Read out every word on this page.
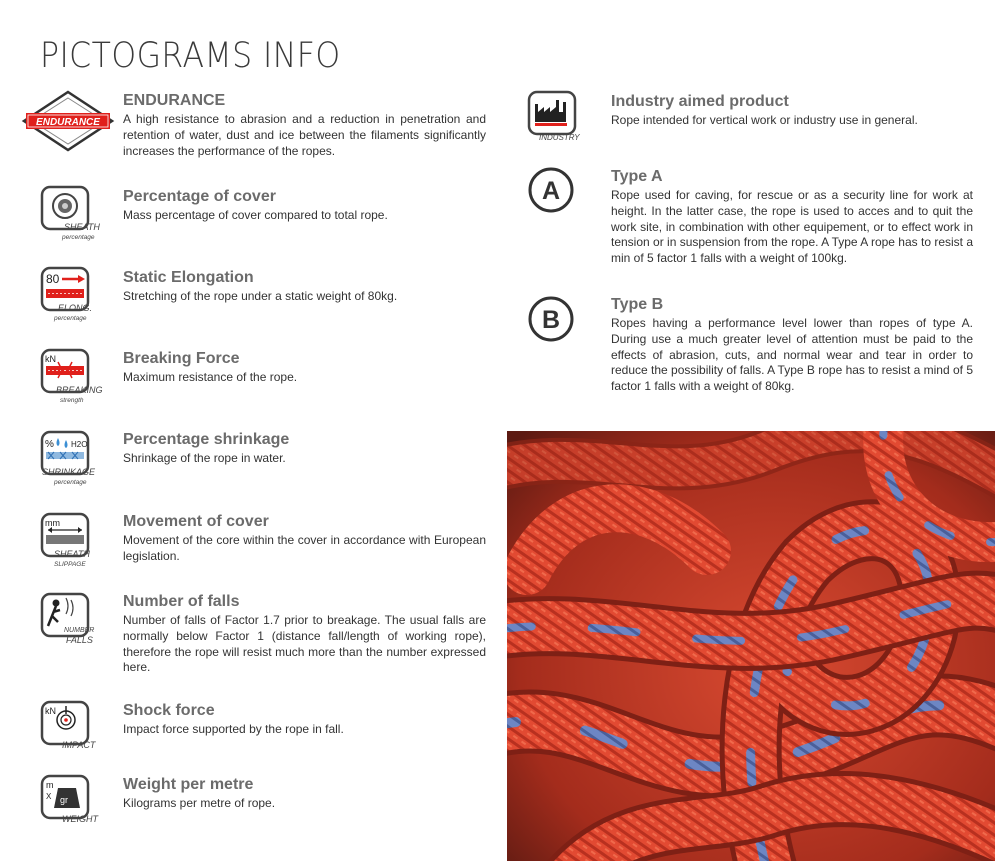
PICTOGRAMS INFO
ENDURANCE
ENDURANCE
A high resistance to abrasion and a reduction in penetration and retention of water, dust and ice between the filaments significantly increases the performance of the ropes.
SHEATH
percentage
Percentage of cover
Mass percentage of cover compared to total rope.
80
ELONG.
percentage
Static Elongation
Stretching of the rope under a static weight of 80kg.
kN
BREAKING
strength
Breaking Force
Maximum resistance of the rope.
% H2O
SHRINKAGE
percentage
Percentage shrinkage
Shrinkage of the rope in water.
mm
SHEATH
SLIPPAGE
Movement of cover
Movement of the core within the cover in accordance with European legislation.
NUMBER
FALLS
Number of falls
Number of falls of Factor 1.7 prior to breakage. The usual falls are normally below Factor 1 (distance fall/length of working rope), therefore the rope will resist much more than the number expressed here.
kN
IMPACT
Shock force
Impact force supported by the rope in fall.
m
X gr
WEIGHT
Weight per metre
Kilograms per metre of rope.
INDUSTRY
Industry aimed product
Rope intended for vertical work or industry use in general.
A
Type A
Rope used for caving, for rescue or as a security line for work at height. In the latter case, the rope is used to acces and to quit the work site, in combination with other equipement, or to effect work in tension or in suspension from the rope. A Type A rope has to resist a min of 5 factor 1 falls with a weight of 100kg.
B
Type B
Ropes having a performance level lower than ropes of type A. During use a much greater level of attention must be paid to the effects of abrasion, cuts, and normal wear and tear in order to reduce the possibility of falls. A Type B rope has to resist a mind of 5 factor 1 falls with a weight of 80kg.
